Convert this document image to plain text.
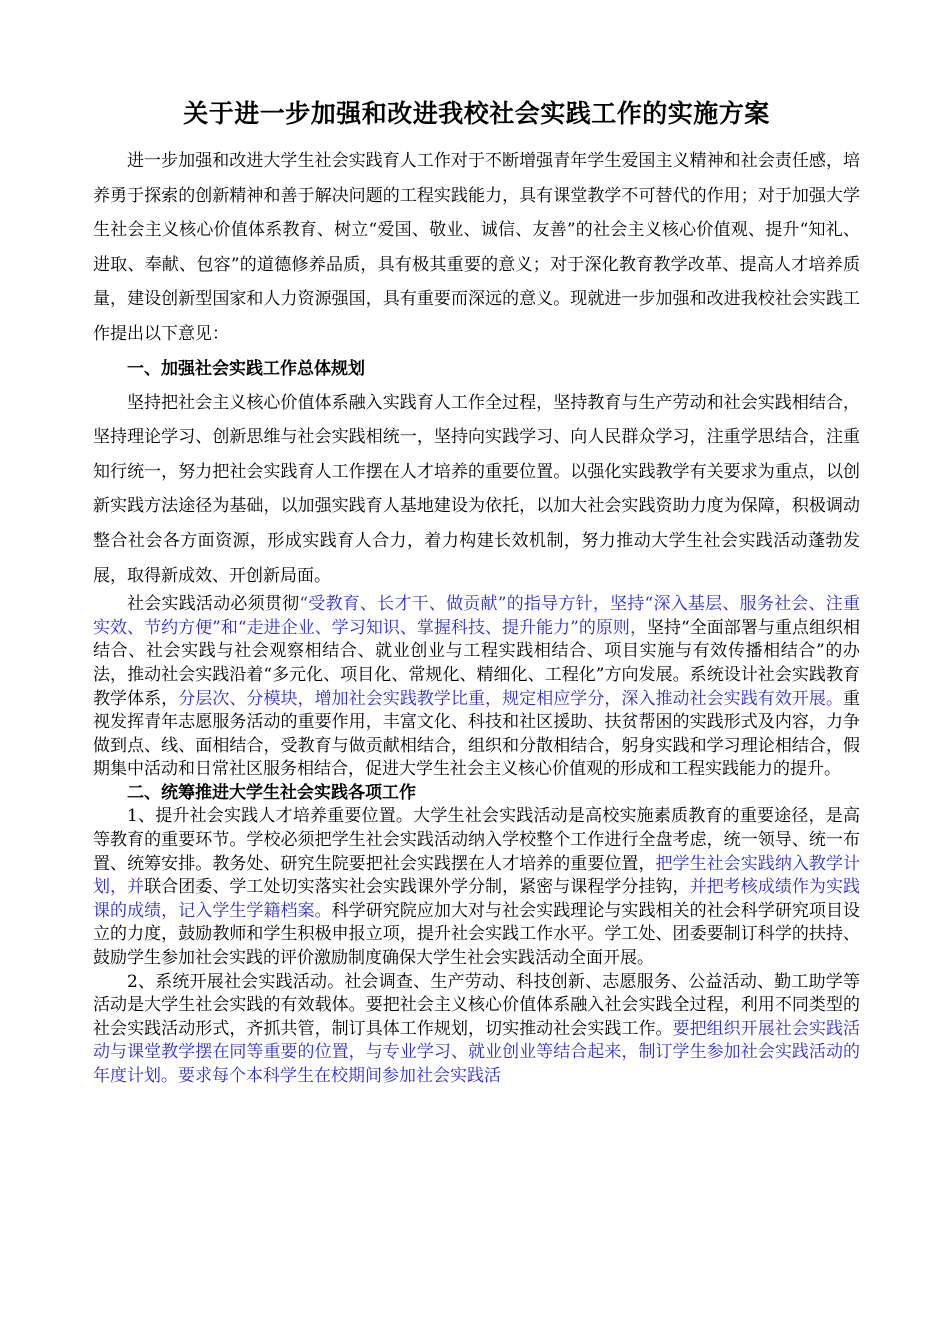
关于进一步加强和改进我校社会实践工作的实施方案

进一步加强和改进大学生社会实践育人工作对于不断增强青年学生爱国主义精神和社会责任感，培养勇于探索的创新精神和善于解决问题的工程实践能力，具有课堂教学不可替代的作用；对于加强大学生社会主义核心价值体系教育、树立“爱国、敬业、诚信、友善”的社会主义核心价值观、提升“知礼、进取、奉献、包容”的道德修养品质，具有极其重要的意义；对于深化教育教学改革、提高人才培养质量，建设创新型国家和人力资源强国，具有重要而深远的意义。现就进一步加强和改进我校社会实践工作提出以下意见：

一、加强社会实践工作总体规划

坚持把社会主义核心价值体系融入实践育人工作全过程，坚持教育与生产劳动和社会实践相结合，坚持理论学习、创新思维与社会实践相统一，坚持向实践学习、向人民群众学习，注重学思结合，注重知行统一，努力把社会实践育人工作摆在人才培养的重要位置。以强化实践教学有关要求为重点，以创新实践方法途径为基础，以加强实践育人基地建设为依托，以加大社会实践资助力度为保障，积极调动整合社会各方面资源，形成实践育人合力，着力构建长效机制，努力推动大学生社会实践活动蓬勃发展，取得新成效、开创新局面。

社会实践活动必须贯彻“受教育、长才干、做贡献”的指导方针，坚持“深入基层、服务社会、注重实效、节约方便”和“走进企业、学习知识、掌握科技、提升能力”的原则，坚持“全面部署与重点组织相结合、社会实践与社会观察相结合、就业创业与工程实践相结合、项目实施与有效传播相结合”的办法，推动社会实践沿着“多元化、项目化、常规化、精细化、工程化”方向发展。系统设计社会实践教育教学体系，分层次、分模块，增加社会实践教学比重，规定相应学分，深入推动社会实践有效开展。重视发挥青年志愿服务活动的重要作用，丰富文化、科技和社区援助、扶贫帮困的实践形式及内容，力争做到点、线、面相结合，受教育与做贡献相结合，组织和分散相结合，躬身实践和学习理论相结合，假期集中活动和日常社区服务相结合，促进大学生社会主义核心价值观的形成和工程实践能力的提升。

二、统筹推进大学生社会实践各项工作

1、提升社会实践人才培养重要位置。大学生社会实践活动是高校实施素质教育的重要途径，是高等教育的重要环节。学校必须把学生社会实践活动纳入学校整个工作进行全盘考虑，统一领导、统一布置、统筹安排。教务处、研究生院要把社会实践摆在人才培养的重要位置，把学生社会实践纳入教学计划，并联合团委、学工处切实落实社会实践课外学分制，紧密与课程学分挂钩，并把考核成绩作为实践课的成绩，记入学生学籍档案。科学研究院应加大对与社会实践理论与实践相关的社会科学研究项目设立的力度，鼓励教师和学生积极申报立项，提升社会实践工作水平。学工处、团委要制订科学的扶持、鼓励学生参加社会实践的评价激励制度确保大学生社会实践活动全面开展。

2、系统开展社会实践活动。社会调查、生产劳动、科技创新、志愿服务、公益活动、勤工助学等活动是大学生社会实践的有效载体。要把社会主义核心价值体系融入社会实践全过程，利用不同类型的社会实践活动形式，齐抓共管，制订具体工作规划，切实推动社会实践工作。要把组织开展社会实践活动与课堂教学摆在同等重要的位置，与专业学习、就业创业等结合起来，制订学生参加社会实践活动的年度计划。要求每个本科学生在校期间参加社会实践活
